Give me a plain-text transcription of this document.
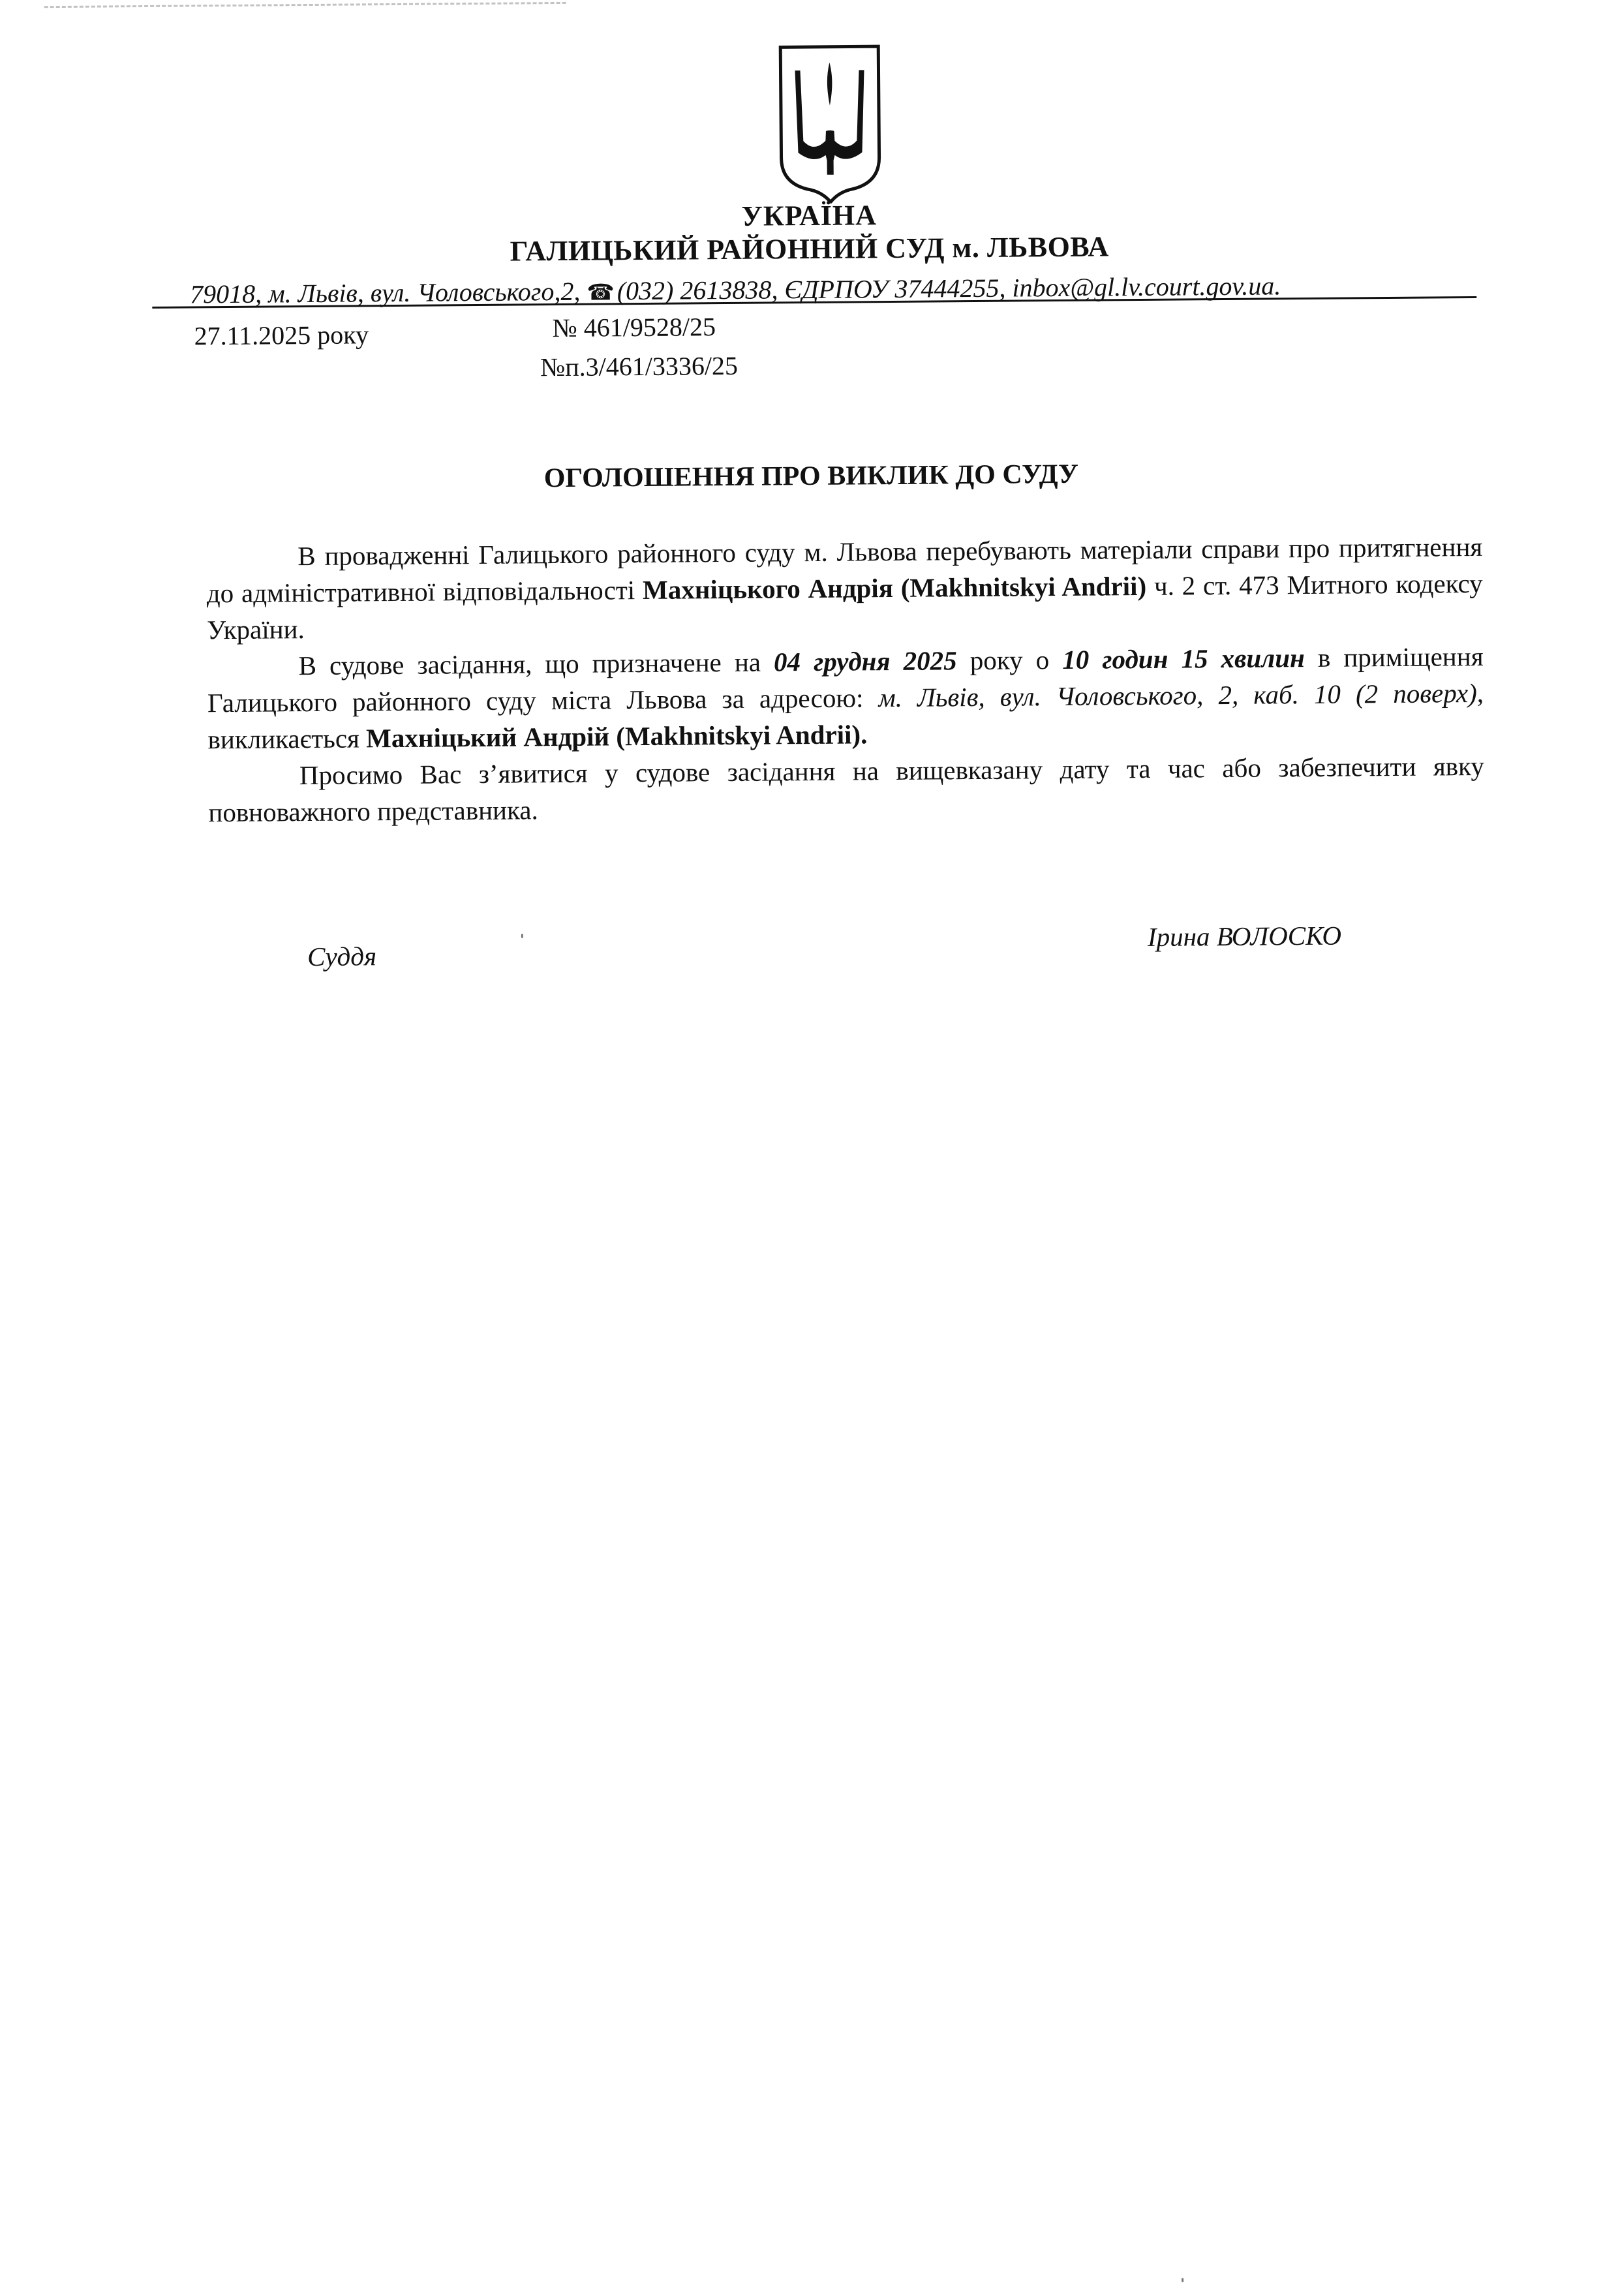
УКРАЇНА
ГАЛИЦЬКИЙ РАЙОННИЙ СУД м. ЛЬВОВА
79018, м. Львів, вул. Чоловського,2, ☎(032) 2613838, ЄДРПОУ 37444255, inbox@gl.lv.court.gov.ua.
27.11.2025 року	№ 461/9528/25
№п.3/461/3336/25
ОГОЛОШЕННЯ ПРО ВИКЛИК ДО СУДУ

В провадженні Галицького районного суду м. Львова перебувають матеріали справи про притягнення до адміністративної відповідальності Махніцького Андрія (Makhnitskyi Andrii) ч. 2 ст. 473 Митного кодексу України.

В судове засідання, що призначене на 04 грудня 2025 року о 10 годин 15 хвилин в приміщення Галицького районного суду міста Львова за адресою: м. Львів, вул. Чоловського, 2, каб. 10 (2 поверх), викликається Махніцький Андрій (Makhnitskyi Andrii).

Просимо Вас з’явитися у судове засідання на вищевказану дату та час або забезпечити явку повноважного представника.

Суддя
Ірина ВОЛОСКО
